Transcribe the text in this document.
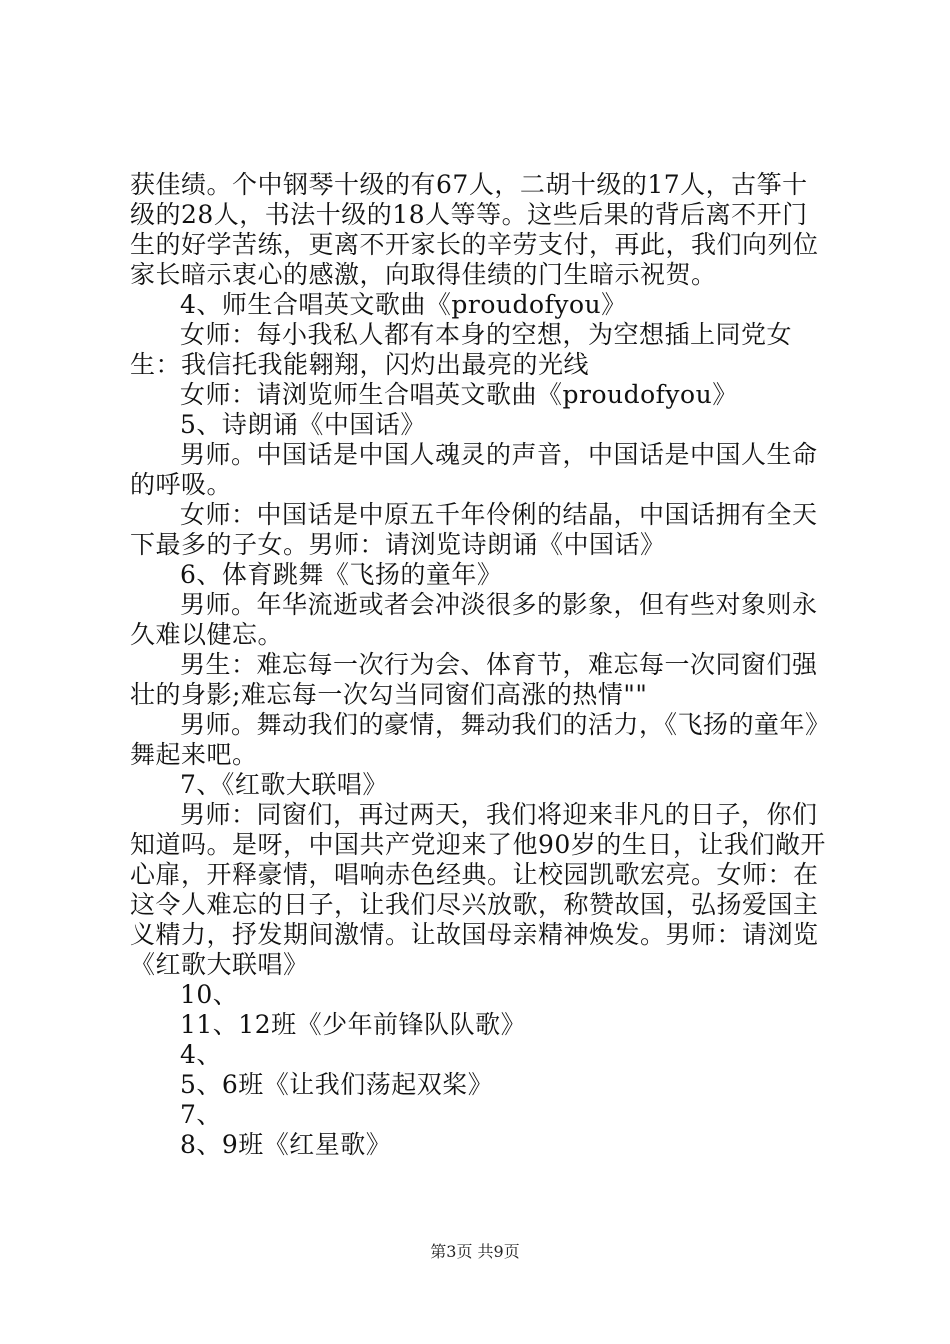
获佳绩。个中钢琴十级的有67人，二胡十级的17人，古筝十级的28人，书法十级的18人等等。这些后果的背后离不开门生的好学苦练，更离不开家长的辛劳支付，再此，我们向列位家长暗示衷心的感激，向取得佳绩的门生暗示祝贺。

4、师生合唱英文歌曲《proudofyou》

女师：每小我私人都有本身的空想，为空想插上同党女生：我信托我能翱翔，闪灼出最亮的光线

女师：请浏览师生合唱英文歌曲《proudofyou》

5、诗朗诵《中国话》

男师。中国话是中国人魂灵的声音，中国话是中国人生命的呼吸。

女师：中国话是中原五千年伶俐的结晶，中国话拥有全天下最多的子女。男师：请浏览诗朗诵《中国话》

6、体育跳舞《飞扬的童年》

男师。年华流逝或者会冲淡很多的影象，但有些对象则永久难以健忘。

男生：难忘每一次行为会、体育节，难忘每一次同窗们强壮的身影;难忘每一次勾当同窗们高涨的热情""

男师。舞动我们的豪情，舞动我们的活力，《飞扬的童年》舞起来吧。

7、《红歌大联唱》

男师：同窗们，再过两天，我们将迎来非凡的日子，你们知道吗。是呀，中国共产党迎来了他90岁的生日，让我们敞开心扉，开释豪情，唱响赤色经典。让校园凯歌宏亮。女师：在这令人难忘的日子，让我们尽兴放歌，称赞故国，弘扬爱国主义精力，抒发期间激情。让故国母亲精神焕发。男师：请浏览《红歌大联唱》

10、

11、12班《少年前锋队队歌》

4、

5、6班《让我们荡起双桨》

7、

8、9班《红星歌》

第3页 共9页
